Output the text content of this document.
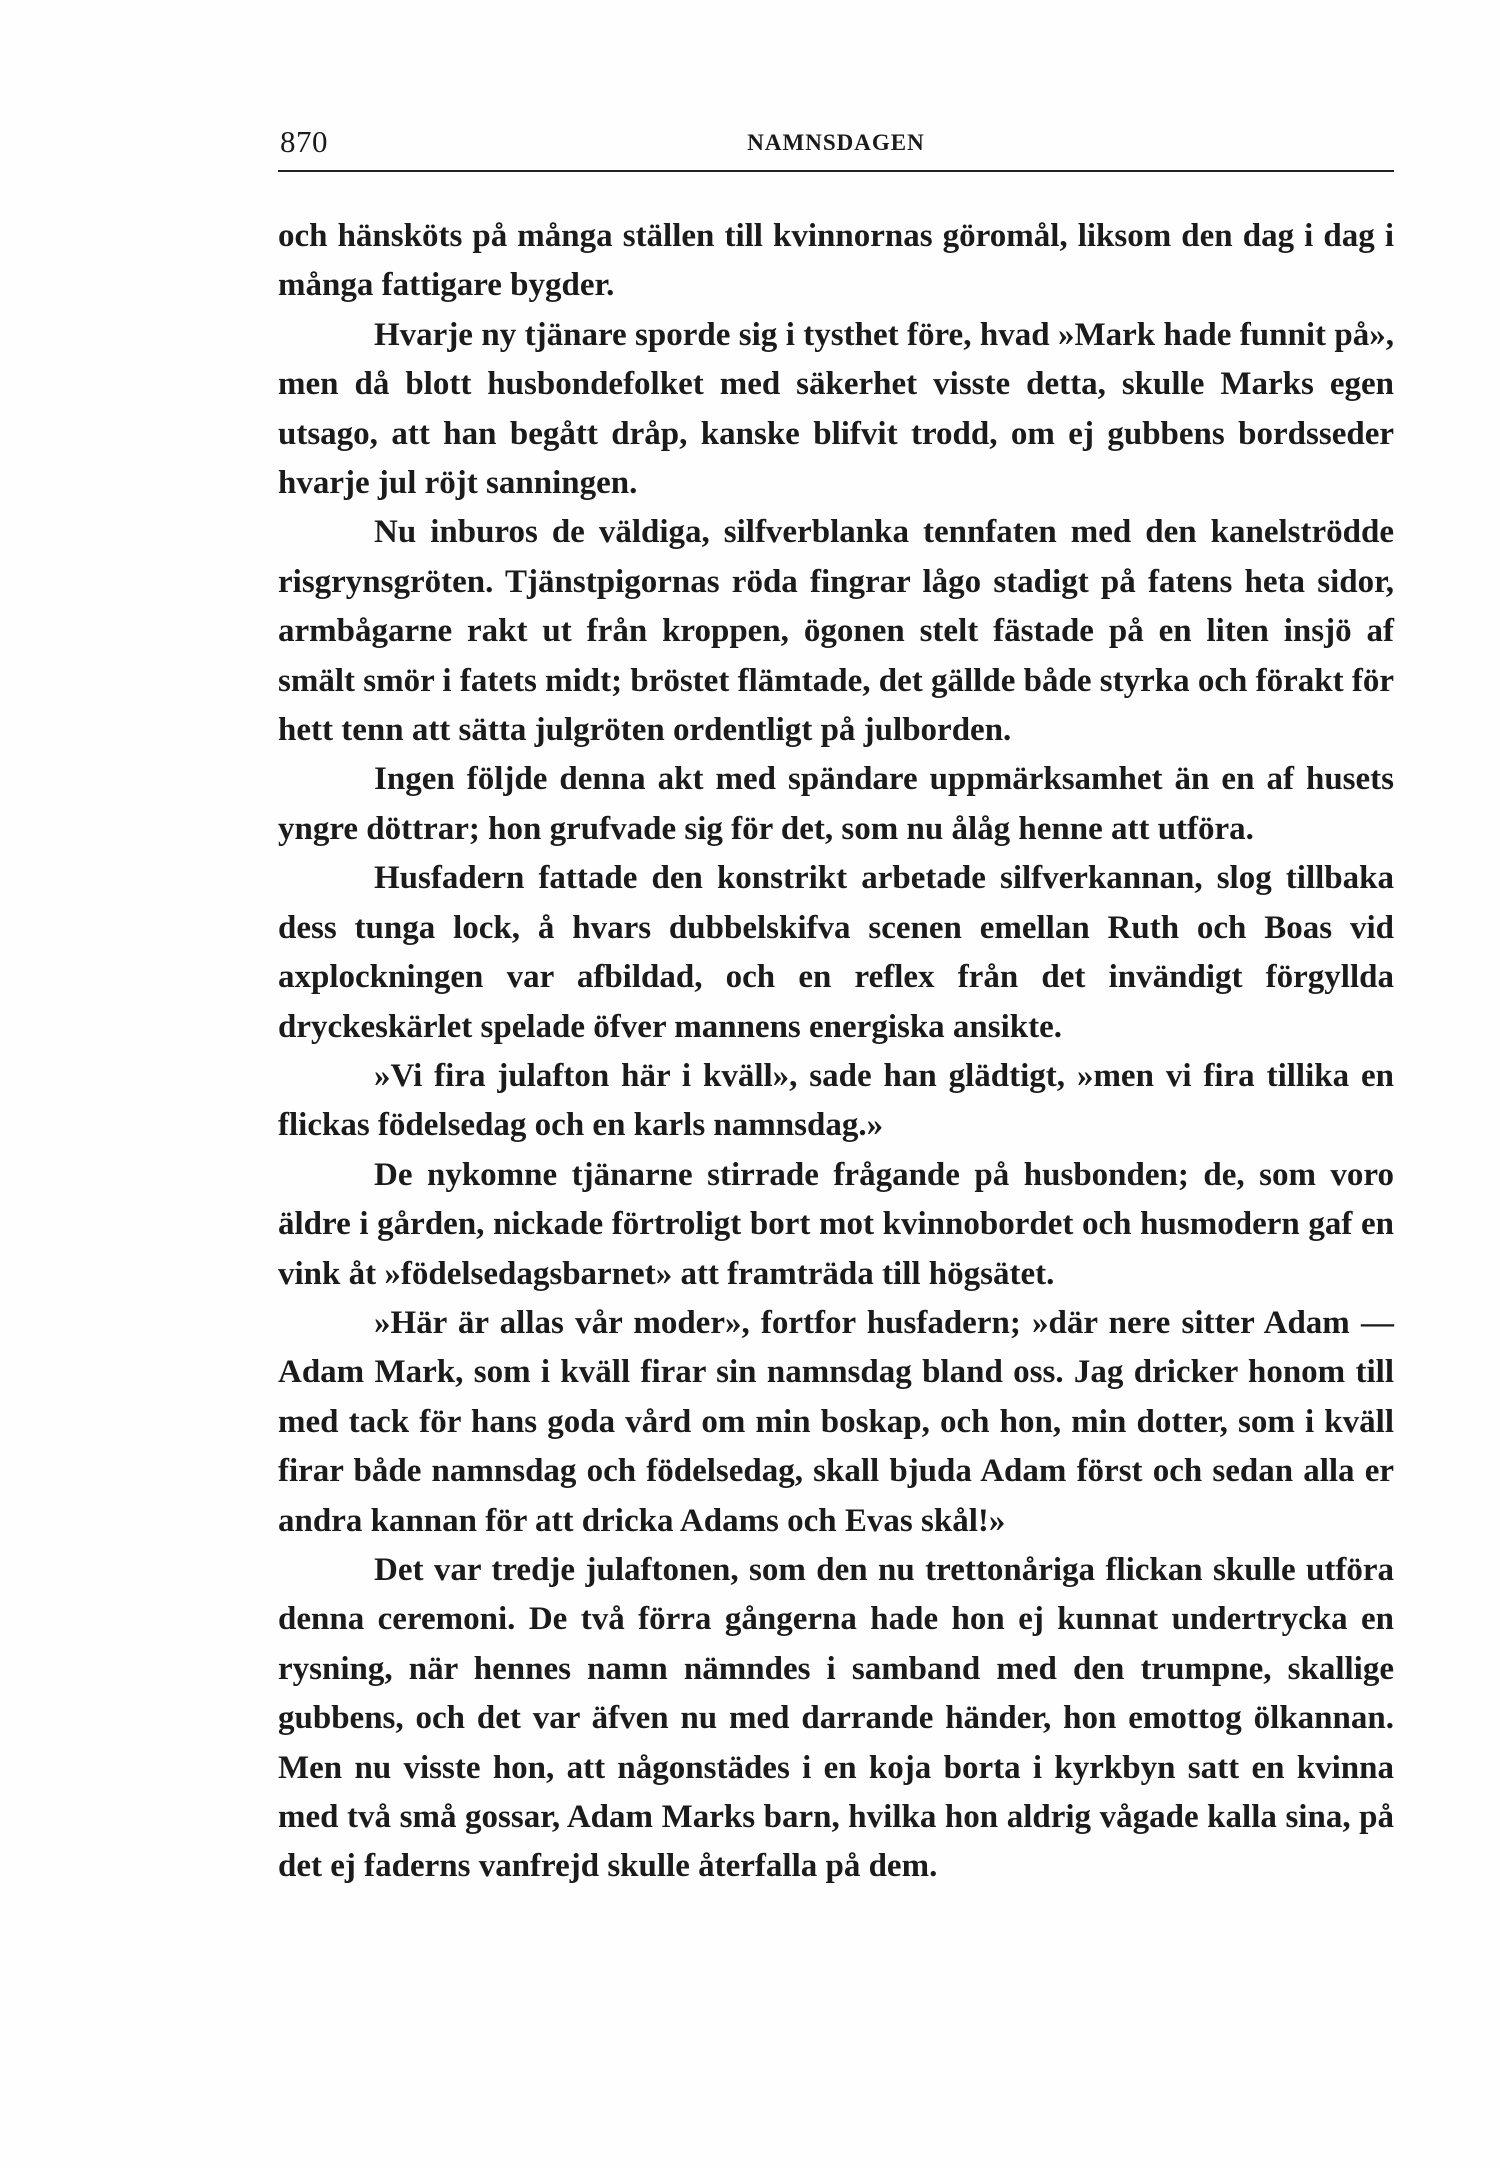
870	NAMNSDAGEN

och hänsköts på många ställen till kvinnornas göromål, liksom den dag i dag i många fattigare bygder.

Hvarje ny tjänare sporde sig i tysthet före, hvad »Mark hade funnit på», men då blott husbondefolket med säkerhet visste detta, skulle Marks egen utsago, att han begått dråp, kanske blifvit trodd, om ej gubbens bordsseder hvarje jul röjt sanningen.

Nu inburos de väldiga, silfverblanka tennfaten med den kanelströdde risgrynsgröten. Tjänstpigornas röda fingrar lågo stadigt på fatens heta sidor, armbågarne rakt ut från kroppen, ögonen stelt fästade på en liten insjö af smält smör i fatets midt; bröstet flämtade, det gällde både styrka och förakt för hett tenn att sätta julgröten ordentligt på julborden.

Ingen följde denna akt med spändare uppmärksamhet än en af husets yngre döttrar; hon grufvade sig för det, som nu ålåg henne att utföra.

Husfadern fattade den konstrikt arbetade silfverkannan, slog tillbaka dess tunga lock, å hvars dubbelskifva scenen emellan Ruth och Boas vid axplockningen var afbildad, och en reflex från det invändigt förgyllda dryckeskärlet spelade öfver mannens energiska ansikte.

»Vi fira julafton här i kväll», sade han glädtigt, »men vi fira tillika en flickas födelsedag och en karls namnsdag.»

De nykomne tjänarne stirrade frågande på husbonden; de, som voro äldre i gården, nickade förtroligt bort mot kvinnobordet och husmodern gaf en vink åt »födelsedagsbarnet» att framträda till högsätet.

»Här är allas vår moder», fortfor husfadern; »där nere sitter Adam — Adam Mark, som i kväll firar sin namnsdag bland oss. Jag dricker honom till med tack för hans goda vård om min boskap, och hon, min dotter, som i kväll firar både namnsdag och födelsedag, skall bjuda Adam först och sedan alla er andra kannan för att dricka Adams och Evas skål!»

Det var tredje julaftonen, som den nu trettonåriga flickan skulle utföra denna ceremoni. De två förra gångerna hade hon ej kunnat undertrycka en rysning, när hennes namn nämndes i samband med den trumpne, skallige gubbens, och det var äfven nu med darrande händer, hon emottog ölkannan. Men nu visste hon, att någonstädes i en koja borta i kyrkbyn satt en kvinna med två små gossar, Adam Marks barn, hvilka hon aldrig vågade kalla sina, på det ej faderns vanfrejd skulle återfalla på dem.
